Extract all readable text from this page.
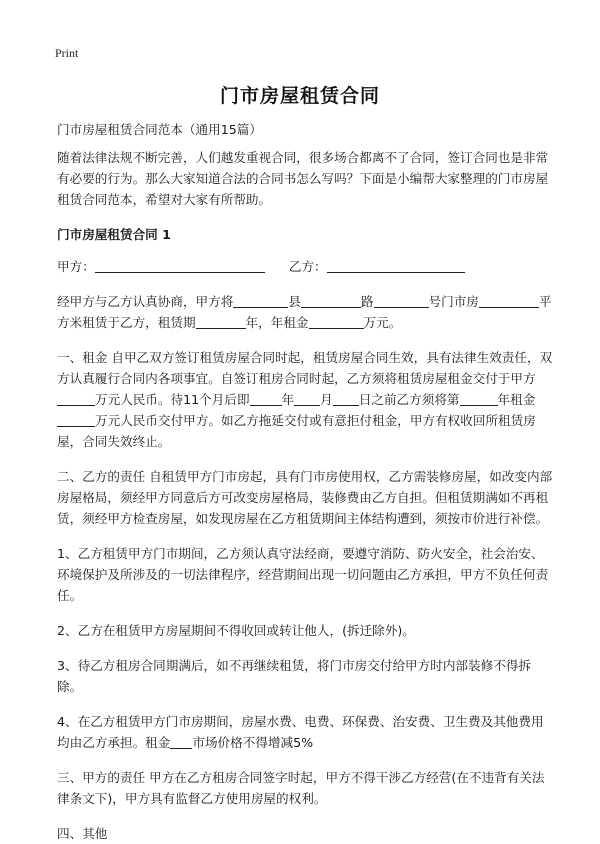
Print
门市房屋租赁合同

门市房屋租赁合同范本（通用15篇）

随着法律法规不断完善，人们越发重视合同，很多场合都离不了合同，签订合同也是非常有必要的行为。那么大家知道合法的合同书怎么写吗？下面是小编帮大家整理的门市房屋租赁合同范本，希望对大家有所帮助。

门市房屋租赁合同 1

甲方：	乙方：

经甲方与乙方认真协商，甲方将	县	路	号门市房	平方米租赁于乙方，租赁期	年，年租金	万元。

一、租金 自甲乙双方签订租赁房屋合同时起，租赁房屋合同生效，具有法律生效责任，双方认真履行合同内各项事宜。自签订租房合同时起，乙方须将租赁房屋租金交付于甲方万元人民币。待11个月后即	年 月 日之前乙方须将第	年租金万元人民币交付甲方。如乙方拖延交付或有意拒付租金，甲方有权收回所租赁房屋，合同失效终止。

二、乙方的责任 自租赁甲方门市房起，具有门市房使用权，乙方需装修房屋，如改变内部房屋格局，须经甲方同意后方可改变房屋格局，装修费由乙方自担。但租赁期满如不再租赁，须经甲方检查房屋，如发现房屋在乙方租赁期间主体结构遭到，须按市价进行补偿。

1、乙方租赁甲方门市期间，乙方须认真守法经商，要遵守消防、防火安全，社会治安、环境保护及所涉及的一切法律程序，经营期间出现一切问题由乙方承担，甲方不负任何责任。

2、乙方在租赁甲方房屋期间不得收回或转让他人，(拆迁除外)。

3、待乙方租房合同期满后，如不再继续租赁，将门市房交付给甲方时内部装修不得拆除。

4、在乙方租赁甲方门市房期间，房屋水费、电费、环保费、治安费、卫生费及其他费用均由乙方承担。租金 市场价格不得增减5%

三、甲方的责任 甲方在乙方租房合同签字时起，甲方不得干涉乙方经营(在不违背有关法律条文下)，甲方具有监督乙方使用房屋的权利。

四、其他
